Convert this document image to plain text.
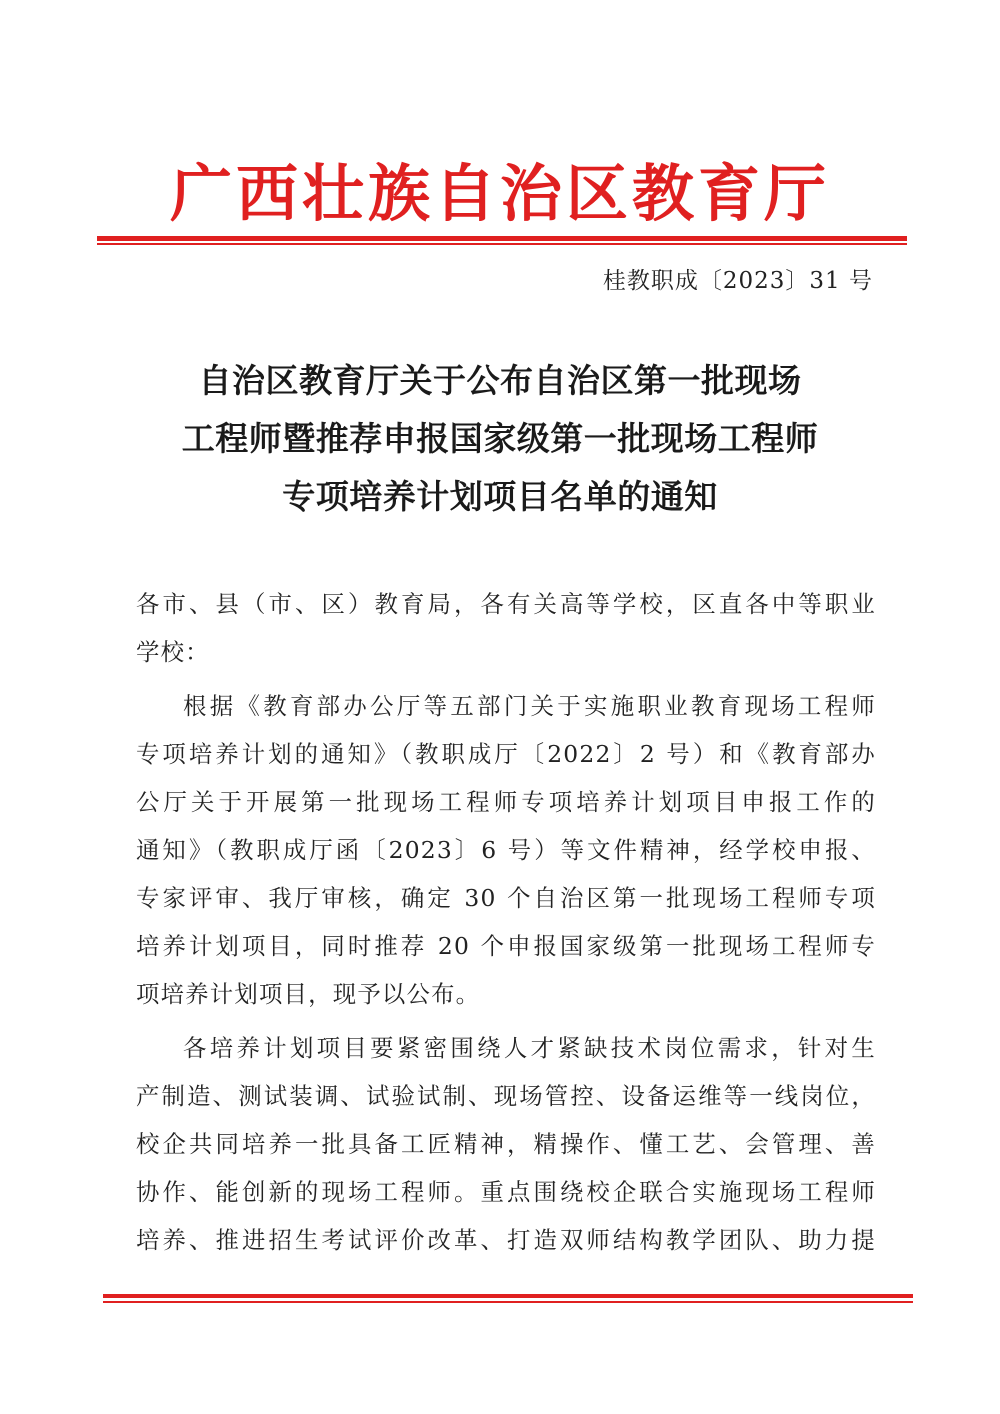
广西壮族自治区教育厅
桂教职成〔2023〕31 号
自治区教育厅关于公布自治区第一批现场
工程师暨推荐申报国家级第一批现场工程师
专项培养计划项目名单的通知
各市、县（市、区）教育局，各有关高等学校，区直各中等职业
学校：
根据《教育部办公厅等五部门关于实施职业教育现场工程师
专项培养计划的通知》（教职成厅〔2022〕2 号）和《教育部办
公厅关于开展第一批现场工程师专项培养计划项目申报工作的
通知》（教职成厅函〔2023〕6 号）等文件精神，经学校申报、
专家评审、我厅审核，确定 30 个自治区第一批现场工程师专项
培养计划项目，同时推荐 20 个申报国家级第一批现场工程师专
项培养计划项目，现予以公布。
各培养计划项目要紧密围绕人才紧缺技术岗位需求，针对生
产制造、测试装调、试验试制、现场管控、设备运维等一线岗位，
校企共同培养一批具备工匠精神，精操作、懂工艺、会管理、善
协作、能创新的现场工程师。重点围绕校企联合实施现场工程师
培养、推进招生考试评价改革、打造双师结构教学团队、助力提
